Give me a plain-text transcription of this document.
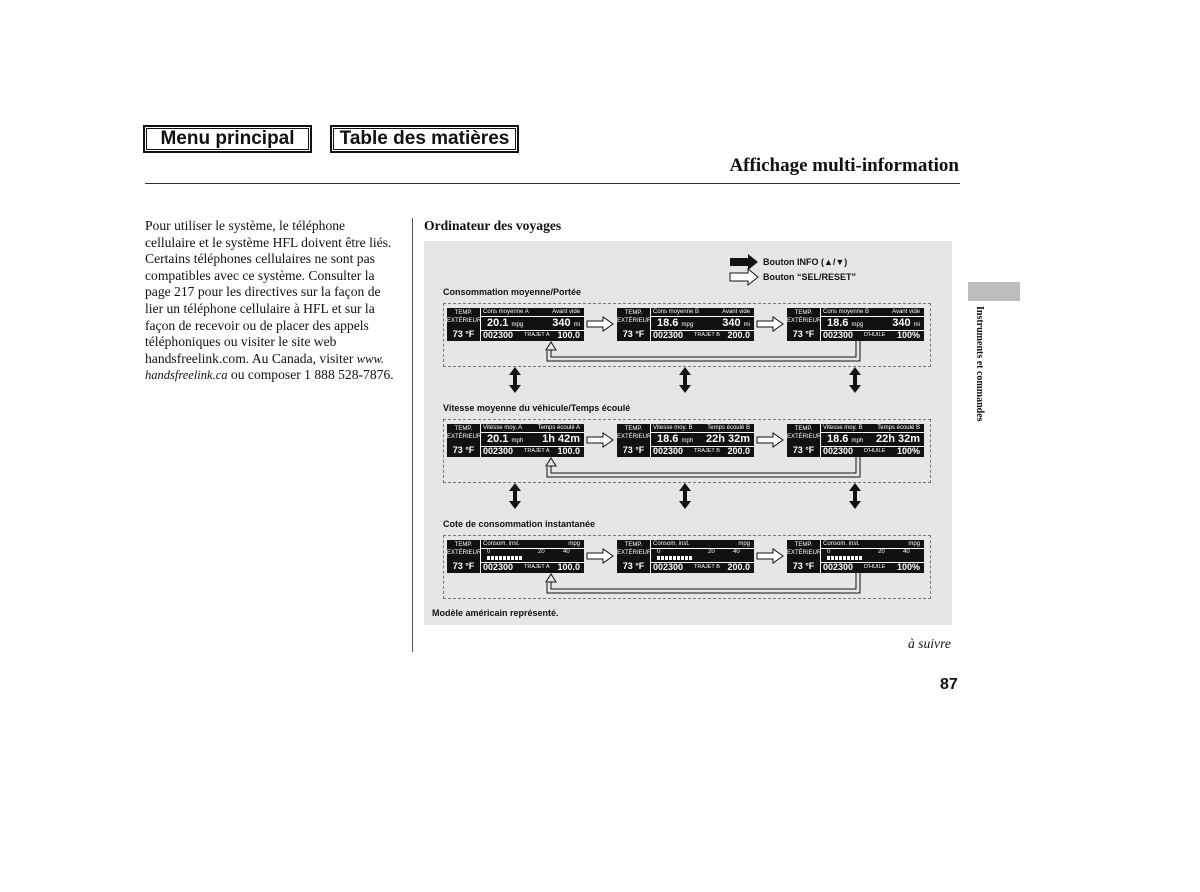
Menu principal	Table des matières
Affichage multi-information
Pour utiliser le système, le téléphone
cellulaire et le système HFL doivent être liés.
Certains téléphones cellulaires ne sont pas
compatibles avec ce système. Consulter la
page 217 pour les directives sur la façon de
lier un téléphone cellulaire à HFL et sur la
façon de recevoir ou de placer des appels
téléphoniques ou visiter le site web
handsfreelink.com. Au Canada, visiter www.
handsfreelink.ca ou composer 1 888 528-7876.
Ordinateur des voyages
Bouton INFO (▲/▼)
Bouton “SEL/RESET”
Consommation moyenne/Portée
Vitesse moyenne du véhicule/Temps écoulé
Cote de consommation instantanée
TEMP.
EXTÉRIEUR
73 °F
Cons moyenne A	Avant vide
20.1 mpg	340 mi
002300 TRAJET A 100.0
TEMP.
EXTÉRIEUR
73 °F
Cons moyenne B	Avant vide
18.6 mpg	340 mi
002300 TRAJET B 200.0
TEMP.
EXTÉRIEUR
73 °F
Cons moyenne B	Avant vide
18.6 mpg	340 mi
002300 D'HUILE 100%
TEMP.
EXTÉRIEUR
73 °F
Vitesse moy. A	Temps écoulé A
20.1 mph 1h 42m
002300 TRAJET A 100.0
TEMP.
EXTÉRIEUR
73 °F
Vitesse moy. B Temps écoulé B
18.6 mph 22h 32m
002300 TRAJET B 200.0
TEMP.
EXTÉRIEUR
73 °F
Vitesse moy. B Temps écoulé B
18.6 mph 22h 32m
002300 D'HUILE 100%
TEMP.
EXTÉRIEUR
73 °F
Consom. inst.	mpg
0	20	40
002300 TRAJET A 100.0
TEMP.
EXTÉRIEUR
73 °F
Consom. inst.	mpg
0	20	40
002300 TRAJET B 200.0
TEMP.
EXTÉRIEUR
73 °F
Consom. inst.	mpg
0	20	40
002300 D'HUILE 100%
Modèle américain représenté.
à suivre
87
Instruments et commandes
